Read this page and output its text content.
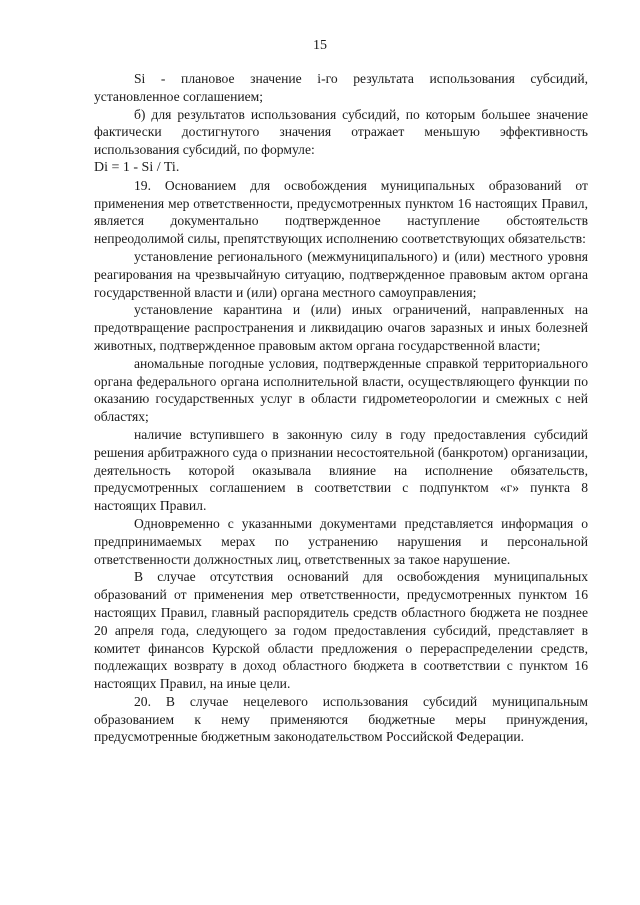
15

Si - плановое значение i-го результата использования субсидий, установленное соглашением;

б) для результатов использования субсидий, по которым большее значение фактически достигнутого значения отражает меньшую эффективность использования субсидий, по формуле:

Di = 1 - Si / Ti.

19. Основанием для освобождения муниципальных образований от применения мер ответственности, предусмотренных пунктом 16 настоящих Правил, является документально подтвержденное наступление обстоятельств непреодолимой силы, препятствующих исполнению соответствующих обязательств:

установление регионального (межмуниципального) и (или) местного уровня реагирования на чрезвычайную ситуацию, подтвержденное правовым актом органа государственной власти и (или) органа местного самоуправления;

установление карантина и (или) иных ограничений, направленных на предотвращение распространения и ликвидацию очагов заразных и иных болезней животных, подтвержденное правовым актом органа государственной власти;

аномальные погодные условия, подтвержденные справкой территориального органа федерального органа исполнительной власти, осуществляющего функции по оказанию государственных услуг в области гидрометеорологии и смежных с ней областях;

наличие вступившего в законную силу в году предоставления субсидий решения арбитражного суда о признании несостоятельной (банкротом) организации, деятельность которой оказывала влияние на исполнение обязательств, предусмотренных соглашением в соответствии с подпунктом «г» пункта 8 настоящих Правил.

Одновременно с указанными документами представляется информация о предпринимаемых мерах по устранению нарушения и персональной ответственности должностных лиц, ответственных за такое нарушение.

В случае отсутствия оснований для освобождения муниципальных образований от применения мер ответственности, предусмотренных пунктом 16 настоящих Правил, главный распорядитель средств областного бюджета не позднее 20 апреля года, следующего за годом предоставления субсидий, представляет в комитет финансов Курской области предложения о перераспределении средств, подлежащих возврату в доход областного бюджета в соответствии с пунктом 16 настоящих Правил, на иные цели.

20. В случае нецелевого использования субсидий муниципальным образованием к нему применяются бюджетные меры принуждения, предусмотренные бюджетным законодательством Российской Федерации.
